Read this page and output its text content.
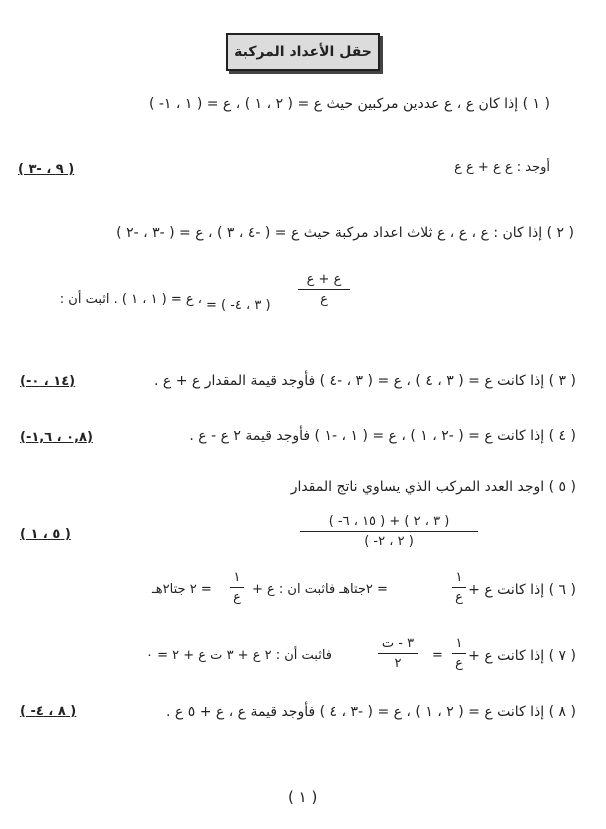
حقل الأعداد المركبة
( ١ ) إذا كان ع ، ع عددين مركبين حيث ع = ( ٢ ، ١ ) ، ع = ( ١ ، ١- )
أوجد : ع ع + ع ع
( ٩ ، -٣ )
( ٢ ) إذا كان : ع ، ع ، ع ثلاث اعداد مركبة حيث ع = ( -٤ ، ٣ ) ، ع = ( -٣ ، -٢ )
، ع = ( ١ ، ١ ) . اثبت أن :
ع + ع
ع
= ( -٣ ، ٤ )
( ٣ ) إذا كانت ع = ( ٣ ، ٤ ) ، ع = ( ٣ ، -٤ ) فأوجد قيمة المقدار ع + ع .
(-١٤ ، ٠)
( ٤ ) إذا كانت ع = ( -٢ ، ١ ) ، ع = ( ١ ، -١ ) فأوجد قيمة ٢ ع - ع .
(-٠,٨ ، ١,٦)
( ٥ ) اوجد العدد المركب الذي يساوي ناتج المقدار
( -١٥ ، ٦ ) + ( ٣ ، ٢ )
( -٢ ، ٢ )
( ٥ ، ١ )
( ٦ ) إذا كانت ع +
١
ع
= ٢جتاهـ فاثبت ان : ع +
١
ع
= ٢ جتا٢هـ
( ٧ ) إذا كانت ع +
١
ع
=
٣ - ت
٢
فاثبت أن : ٢ ع + ٣ ت ع + ٢ = ٠
( ٨ ) إذا كانت ع = ( ٢ ، ١ ) ، ع = ( -٣ ، ٤ ) فأوجد قيمة ع ، ع + ٥ ع .
( -٨ ، ٤ )
( ١ )
